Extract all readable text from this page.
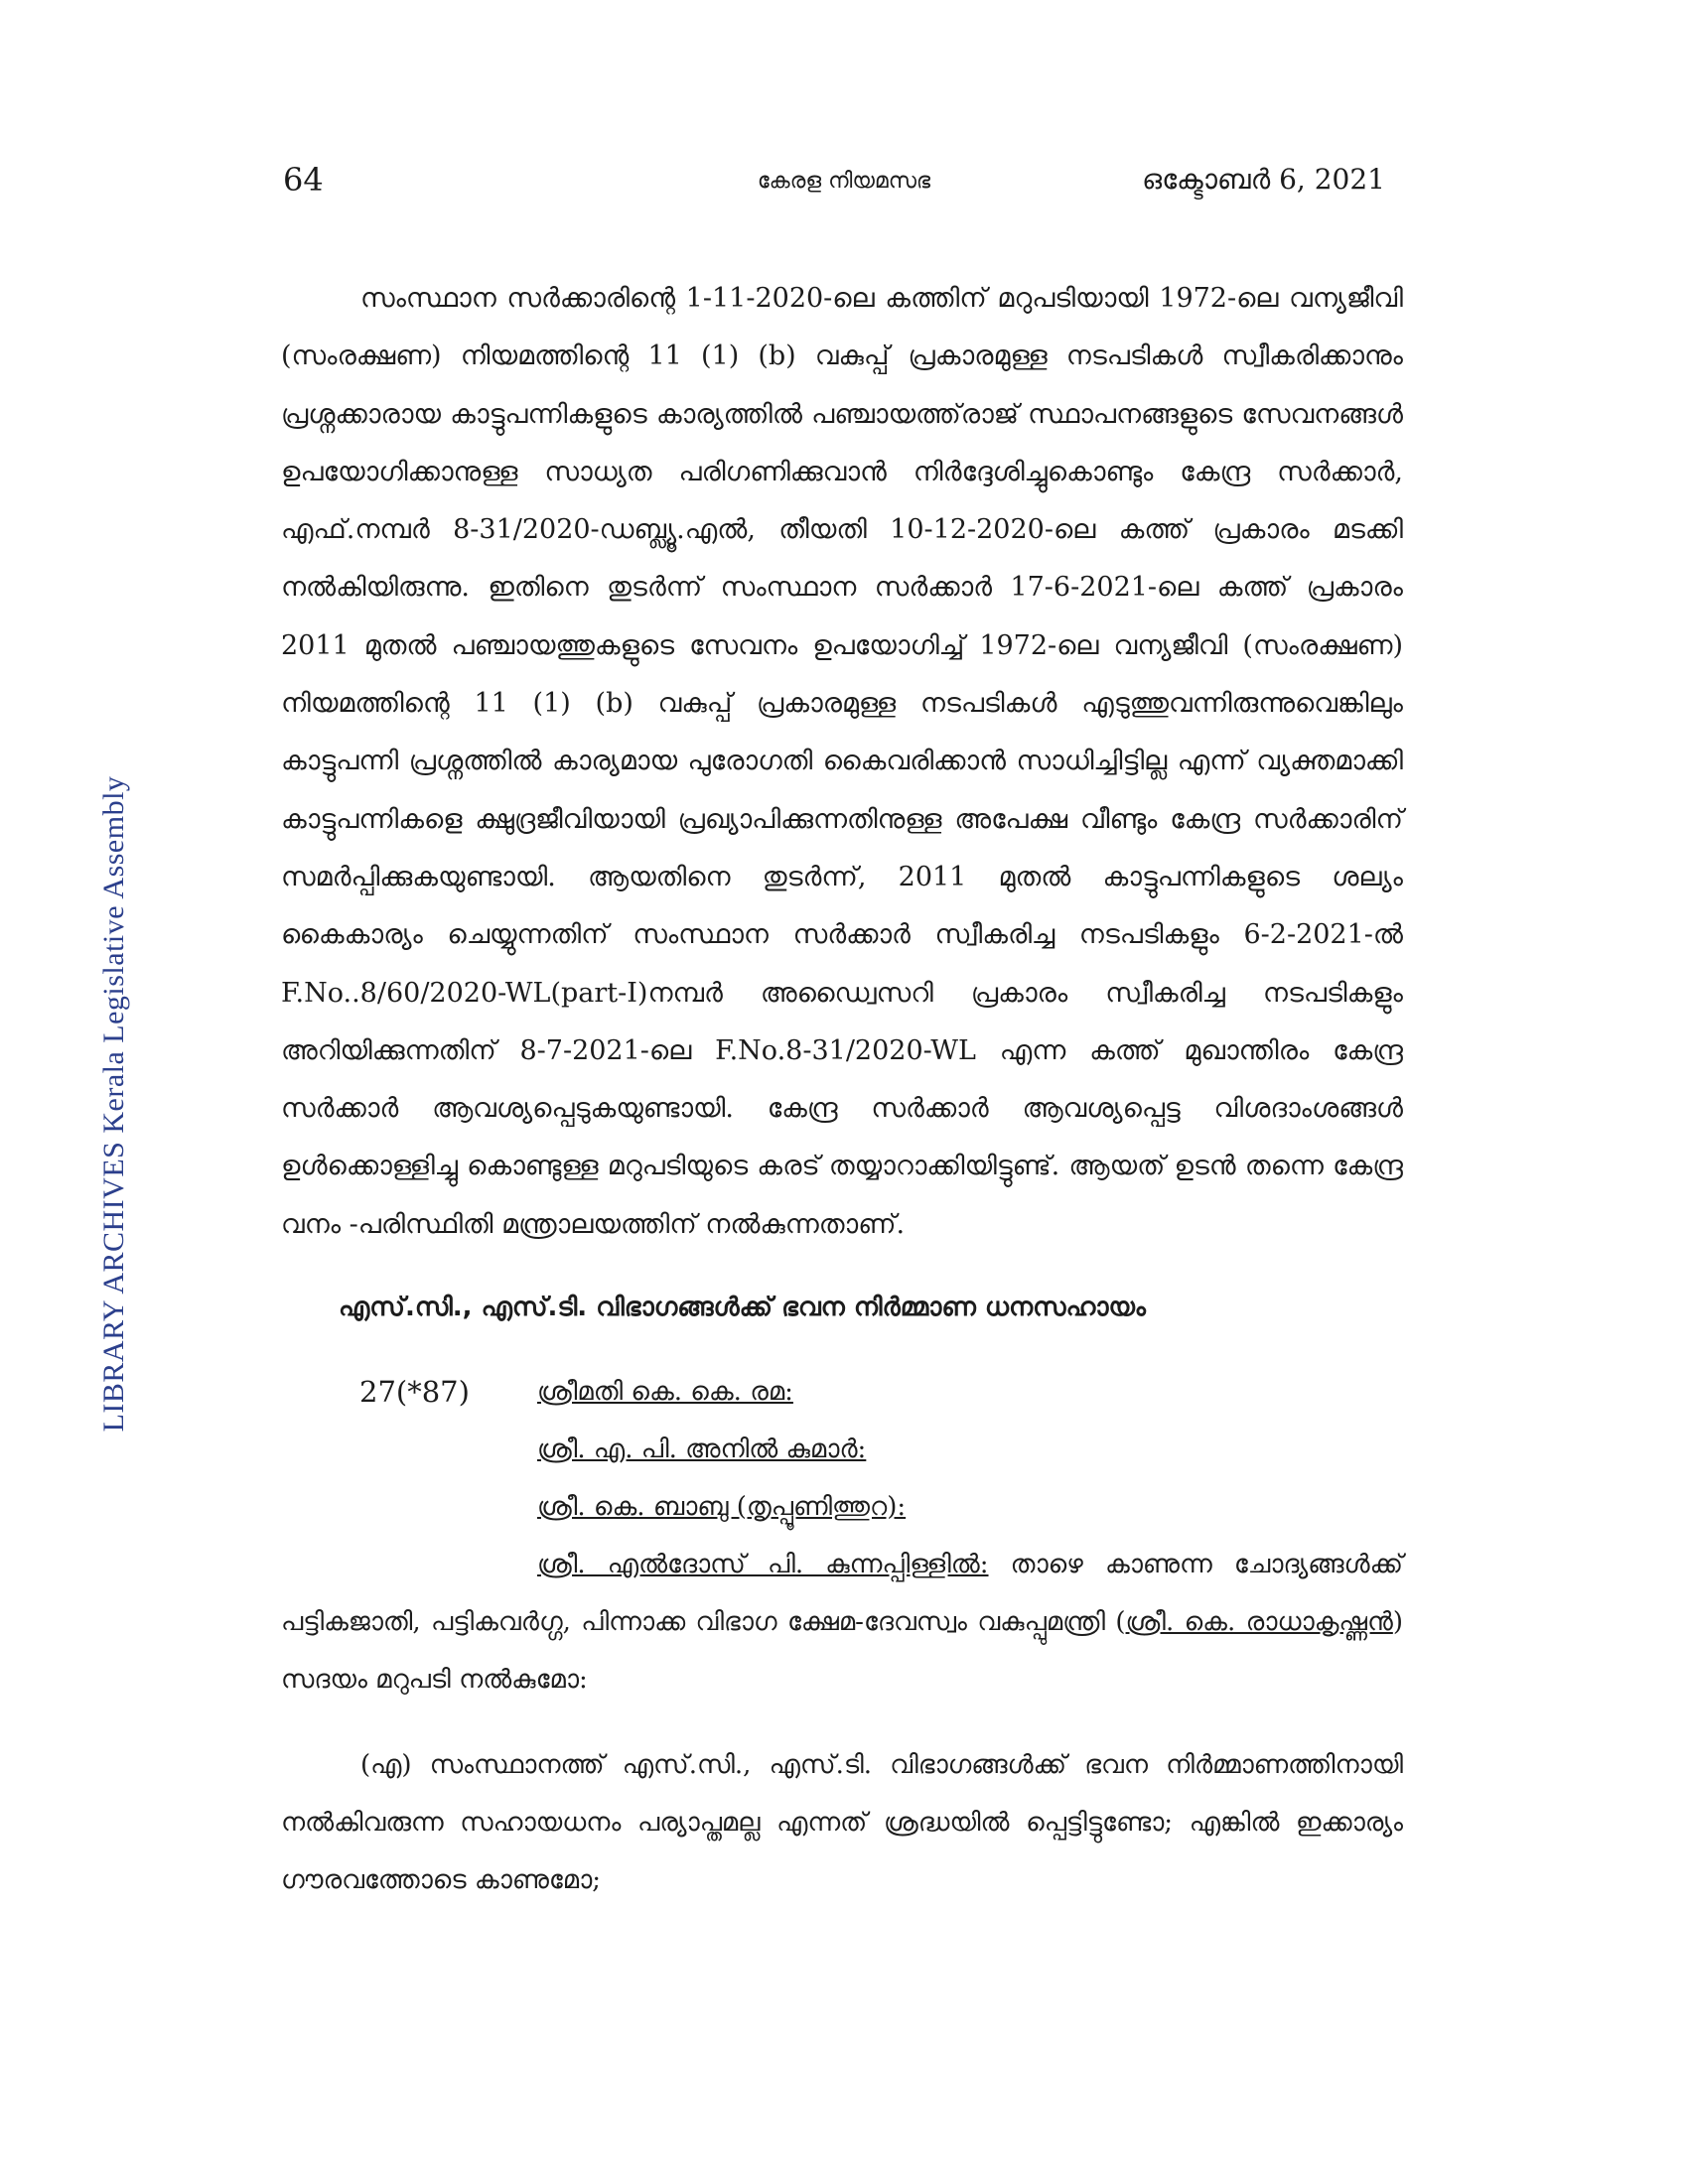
64	കേരള നിയമസഭ	ഒക്ടോബർ 6, 2021
LIBRARY ARCHIVES Kerala Legislative Assembly

സംസ്ഥാന സർക്കാരിന്റെ 1-11-2020-ലെ കത്തിന് മറുപടിയായി 1972-ലെ വന്യജീവി (സംരക്ഷണ) നിയമത്തിന്റെ 11 (1) (b) വകുപ്പ് പ്രകാരമുള്ള നടപടികൾ സ്വീകരിക്കാനും പ്രശ്നക്കാരായ കാട്ടുപന്നികളുടെ കാര്യത്തിൽ പഞ്ചായത്ത്‌രാജ് സ്ഥാപനങ്ങളുടെ സേവനങ്ങൾ ഉപയോഗിക്കാനുള്ള സാധ്യത പരിഗണിക്കുവാൻ നിർദ്ദേശിച്ചുകൊണ്ടും കേന്ദ്ര സർക്കാർ, എഫ്.നമ്പർ 8-31/2020-ഡബ്ല്യൂ.എൽ, തീയതി 10-12-2020-ലെ കത്ത് പ്രകാരം മടക്കി നൽകിയിരുന്നു. ഇതിനെ തുടർന്ന് സംസ്ഥാന സർക്കാർ 17-6-2021-ലെ കത്ത് പ്രകാരം 2011 മുതൽ പഞ്ചായത്തുകളുടെ സേവനം ഉപയോഗിച്ച് 1972-ലെ വന്യജീവി (സംരക്ഷണ) നിയമത്തിന്റെ 11 (1) (b) വകുപ്പ് പ്രകാരമുള്ള നടപടികൾ എടുത്തുവന്നിരുന്നുവെങ്കിലും കാട്ടുപന്നി പ്രശ്നത്തിൽ കാര്യമായ പുരോഗതി കൈവരിക്കാൻ സാധിച്ചിട്ടില്ല എന്ന് വ്യക്തമാക്കി കാട്ടുപന്നികളെ ക്ഷുദ്രജീവിയായി പ്രഖ്യാപിക്കുന്നതിനുള്ള അപേക്ഷ വീണ്ടും കേന്ദ്ര സർക്കാരിന് സമർപ്പിക്കുകയുണ്ടായി. ആയതിനെ തുടർന്ന്, 2011 മുതൽ കാട്ടുപന്നികളുടെ ശല്യം കൈകാര്യം ചെയ്യുന്നതിന് സംസ്ഥാന സർക്കാർ സ്വീകരിച്ച നടപടികളും 6-2-2021-ൽ F.No..8/60/2020-WL(part-I)നമ്പർ അഡ്വൈസറി പ്രകാരം സ്വീകരിച്ച നടപടികളും അറിയിക്കുന്നതിന് 8-7-2021-ലെ F.No.8-31/2020-WL എന്ന കത്ത് മുഖാന്തിരം കേന്ദ്ര സർക്കാർ ആവശ്യപ്പെടുകയുണ്ടായി. കേന്ദ്ര സർക്കാർ ആവശ്യപ്പെട്ട വിശദാംശങ്ങൾ ഉൾക്കൊള്ളിച്ചു കൊണ്ടുള്ള മറുപടിയുടെ കരട് തയ്യാറാക്കിയിട്ടുണ്ട്. ആയത് ഉടൻ തന്നെ കേന്ദ്ര വനം -പരിസ്ഥിതി മന്ത്രാലയത്തിന് നൽകുന്നതാണ്.

എസ്.സി., എസ്.ടി. വിഭാഗങ്ങൾക്ക് ഭവന നിർമ്മാണ ധനസഹായം
27(*87)	ശ്രീമതി കെ. കെ. രമ:
ശ്രീ. എ. പി. അനിൽ കുമാർ:
ശ്രീ. കെ. ബാബു (തൃപ്പൂണിത്തുറ):

ശ്രീ. എൽദോസ് പി. കുന്നപ്പിള്ളിൽ: താഴെ കാണുന്ന ചോദ്യങ്ങൾക്ക് പട്ടികജാതി, പട്ടികവർഗ്ഗ, പിന്നാക്ക വിഭാഗ ക്ഷേമ-ദേവസ്വം വകുപ്പുമന്ത്രി (ശ്രീ. കെ. രാധാകൃഷ്ണൻ) സദയം മറുപടി നൽകുമോ:

(എ) സംസ്ഥാനത്ത് എസ്.സി., എസ്.ടി. വിഭാഗങ്ങൾക്ക് ഭവന നിർമ്മാണത്തിനായി നൽകിവരുന്ന സഹായധനം പര്യാപ്തമല്ല എന്നത് ശ്രദ്ധയിൽ പ്പെട്ടിട്ടുണ്ടോ; എങ്കിൽ ഇക്കാര്യം ഗൗരവത്തോടെ കാണുമോ;
